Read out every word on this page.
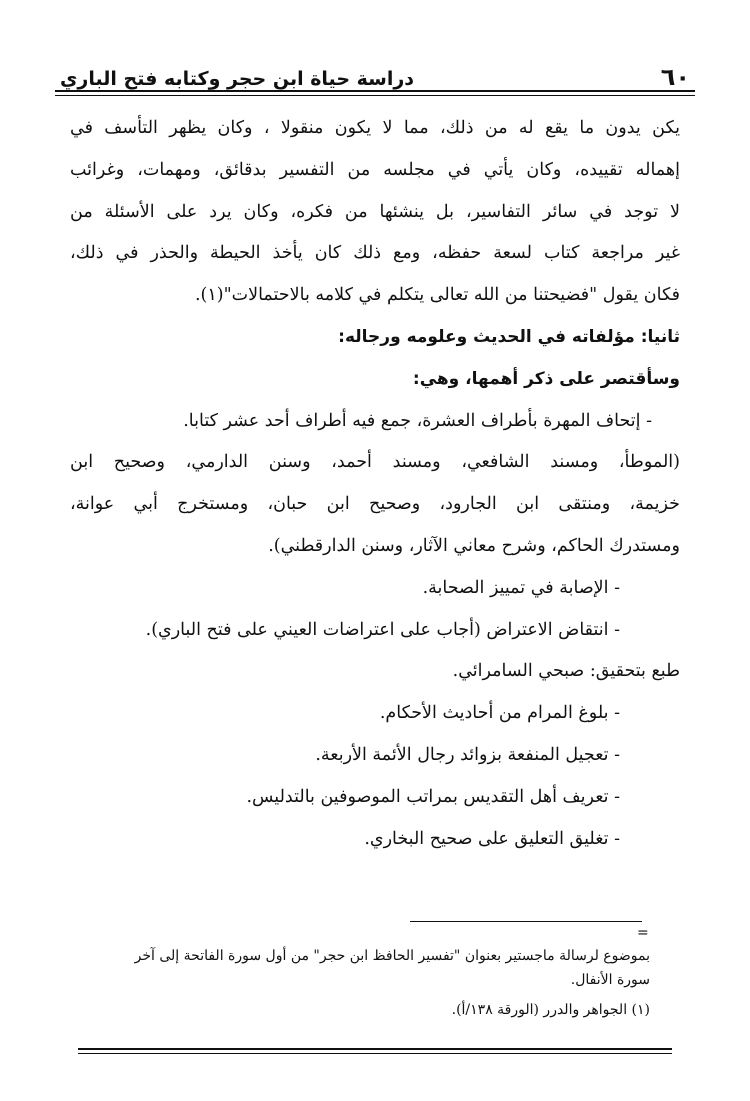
٦٠
دراسة حياة ابن حجر وكتابه فتح الباري
يكن يدون ما يقع له من ذلك، مما لا يكون منقولا ، وكان يظهر التأسف في
إهماله تقييده، وكان يأتي في مجلسه من التفسير بدقائق، ومهمات، وغرائب
لا توجد في سائر التفاسير، بل ينشئها من فكره، وكان يرد على الأسئلة من
غير مراجعة كتاب لسعة حفظه، ومع ذلك كان يأخذ الحيطة والحذر في ذلك،
فكان يقول "فضيحتنا من الله تعالى يتكلم في كلامه بالاحتمالات"(١).
ثانيا: مؤلفاته في الحديث وعلومه ورجاله:
وسأقتصر على ذكر أهمها، وهي:
- إتحاف المهرة بأطراف العشرة، جمع فيه أطراف أحد عشر كتابا.
(الموطأ، ومسند الشافعي، ومسند أحمد، وسنن الدارمي، وصحيح ابن
خزيمة، ومنتقى ابن الجارود، وصحيح ابن حبان، ومستخرج أبي عوانة،
ومستدرك الحاكم، وشرح معاني الآثار، وسنن الدارقطني).
- الإصابة في تمييز الصحابة.
- انتقاض الاعتراض (أجاب على اعتراضات العيني على فتح الباري).
طبع بتحقيق: صبحي السامرائي.
- بلوغ المرام من أحاديث الأحكام.
- تعجيل المنفعة بزوائد رجال الأئمة الأربعة.
- تعريف أهل التقديس بمراتب الموصوفين بالتدليس.
- تغليق التعليق على صحيح البخاري.
=
بموضوع لرسالة ماجستير بعنوان "تفسير الحافظ ابن حجر" من أول سورة الفاتحة إلى آخر
سورة الأنفال.
(١) الجواهر والدرر (الورقة ١٣٨/أ).
